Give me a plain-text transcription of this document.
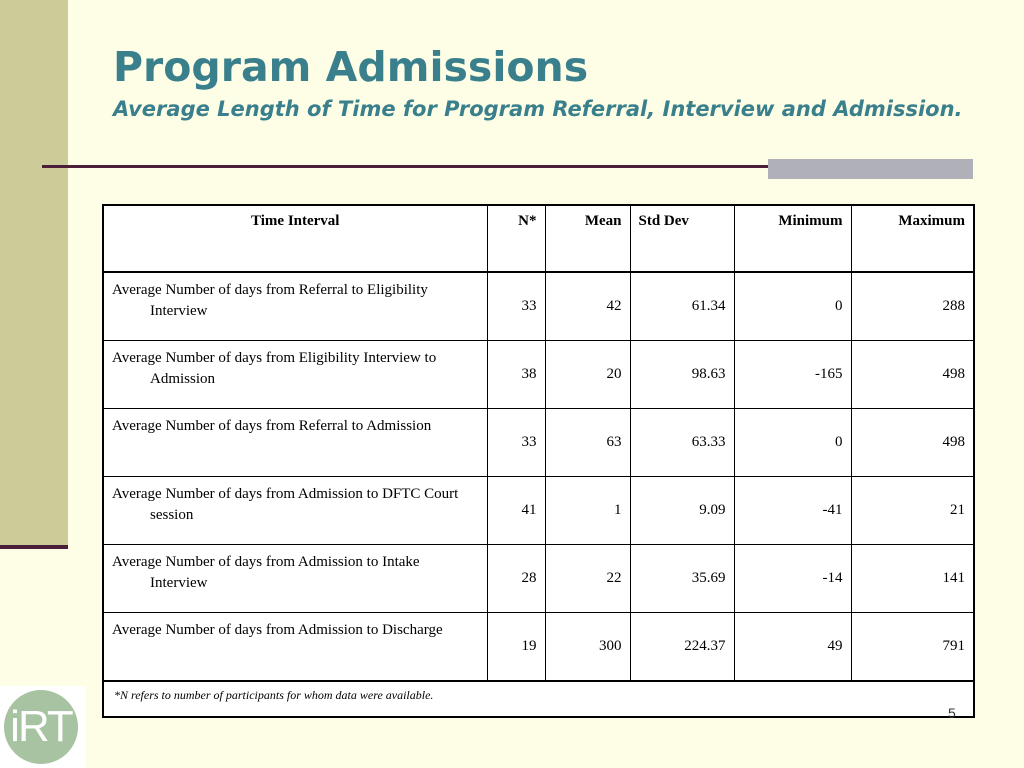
Program Admissions
Average Length of Time for Program Referral, Interview and Admission.
Time Interval	N*	Mean	Std Dev	Minimum	Maximum

Average Number of days from Referral to Eligibility Interview	33	42	61.34	0	288

Average Number of days from Eligibility Interview to Admission	38	20	98.63	-165	498

Average Number of days from Referral to Admission	33	63	63.33	0	498

Average Number of days from Admission to DFTC Court session	41	1	9.09	-41	21

Average Number of days from Admission to Intake Interview	28	22	35.69	-14	141

Average Number of days from Admission to Discharge	19	300	224.37	49	791
*N refers to number of participants for whom data were available.					
iRT	5
